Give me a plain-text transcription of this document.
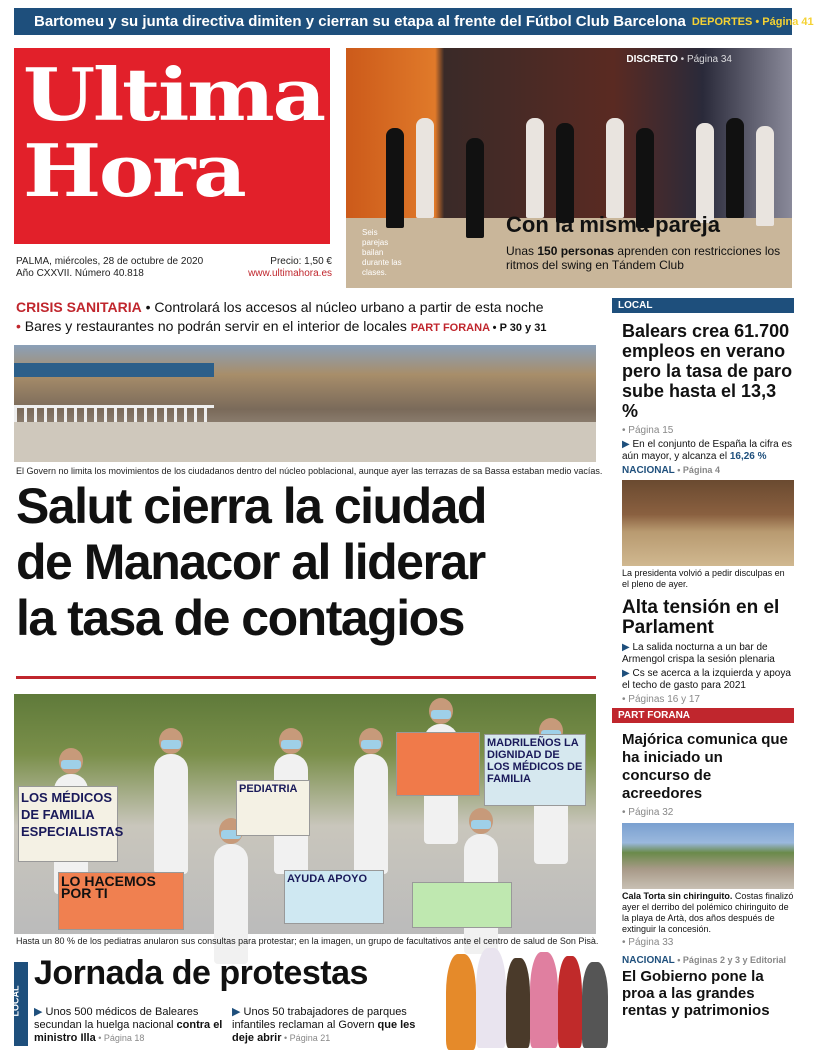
Bartomeu y su junta directiva dimiten y cierran su etapa al frente del Fútbol Club Barcelona DEPORTES • Página 41
Ultima
Hora
PALMA, miércoles, 28 de octubre de 2020
Año CXXVII. Número 40.818
Precio: 1,50 €
www.ultimahora.es
DISCRETO • Página 34
Seis parejas bailan durante las clases.
Con la misma pareja
Unas 150 personas aprenden con restricciones los ritmos del swing en Tándem Club
CRISIS SANITARIA • Controlará los accesos al núcleo urbano a partir de esta noche
• Bares y restaurantes no podrán servir en el interior de locales PART FORANA • P 30 y 31
El Govern no limita los movimientos de los ciudadanos dentro del núcleo poblacional, aunque ayer las terrazas de sa Bassa estaban medio vacías.
Salut cierra la ciudad
de Manacor al liderar
la tasa de contagios
LOS MÉDICOS DE FAMILIA ESPECIALISTAS
LO HACEMOS POR TI
PEDIATRIA
MADRILEÑOS LA DIGNIDAD DE LOS MÉDICOS DE FAMILIA
AYUDA APOYO
Hasta un 80 % de los pediatras anularon sus consultas para protestar; en la imagen, un grupo de facultativos ante el centro de salud de Son Pisà.
LOCAL
Jornada de protestas
▶ Unos 500 médicos de Baleares secundan la huelga nacional contra el ministro Illa • Página 18
▶ Unos 50 trabajadores de parques infantiles reclaman al Govern que les deje abrir • Página 21
LOCAL
Balears crea 61.700 empleos en verano pero la tasa de paro sube hasta el 13,3 %
• Página 15
▶ En el conjunto de España la cifra es aún mayor, y alcanza el 16,26 %
NACIONAL • Página 4
La presidenta volvió a pedir disculpas en el pleno de ayer.
Alta tensión en el Parlament
▶ La salida nocturna a un bar de Armengol crispa la sesión plenaria
▶ Cs se acerca a la izquierda y apoya el techo de gasto para 2021
• Páginas 16 y 17
PART FORANA
Majórica comunica que ha iniciado un concurso de acreedores
• Página 32
Cala Torta sin chiringuito. Costas finalizó ayer el derribo del polémico chiringuito de la playa de Artà, dos años después de extinguir la concesión.
• Página 33
NACIONAL • Páginas 2 y 3 y Editorial
El Gobierno pone la proa a las grandes rentas y patrimonios
